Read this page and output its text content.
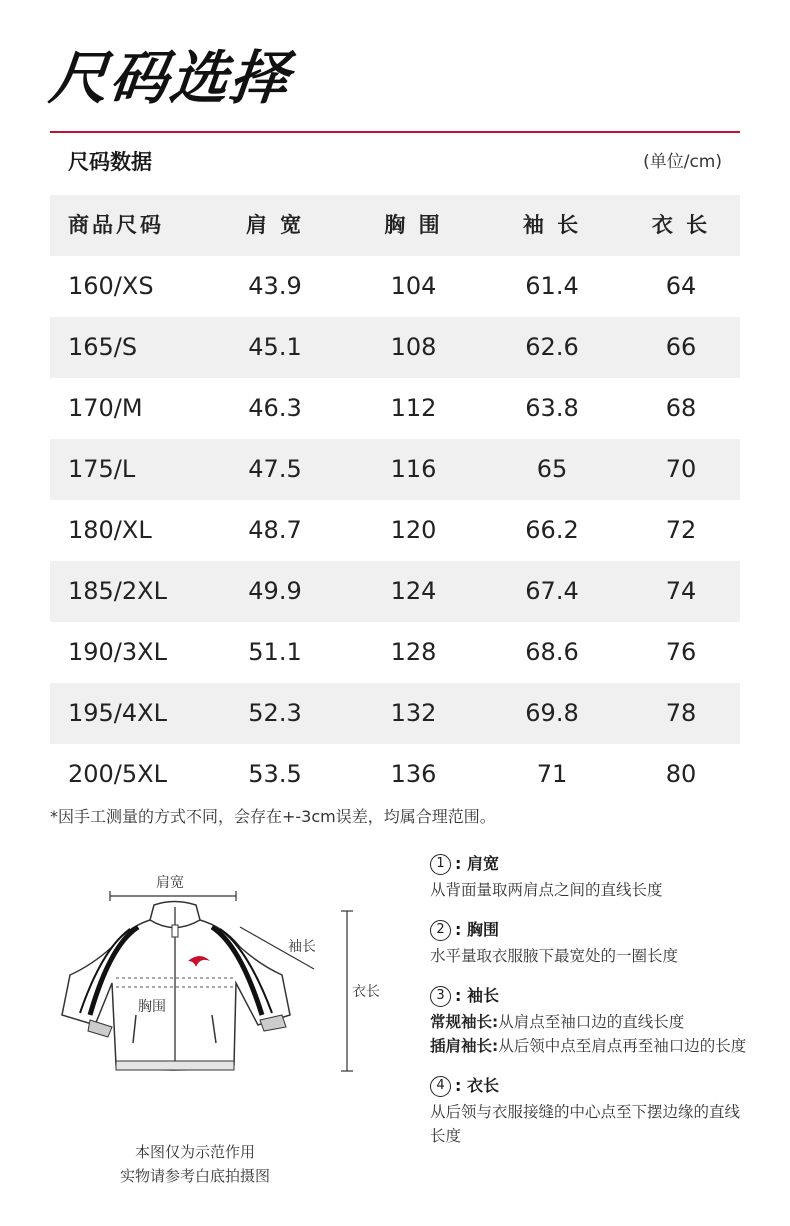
尺码选择
尺码数据	(单位/cm)
商品尺码	肩 宽	胸 围	袖 长	衣 长
160/XS	43.9	104	61.4	64
165/S	45.1	108	62.6	66
170/M	46.3	112	63.8	68
175/L	47.5	116	65	70
180/XL	48.7	120	66.2	72
185/2XL	49.9	124	67.4	74
190/3XL	51.1	128	68.6	76
195/4XL	52.3	132	69.8	78
200/5XL	53.5	136	71	80
*因手工测量的方式不同，会存在+-3cm误差，均属合理范围。
肩宽
胸围
袖长
衣长
本图仅为示范作用
实物请参考白底拍摄图
1 : 肩宽
从背面量取两肩点之间的直线长度
2 : 胸围
水平量取衣服腋下最宽处的一圈长度
3 : 袖长
常规袖长: 从肩点至袖口边的直线长度
插肩袖长: 从后领中点至肩点再至袖口边的长度
4 : 衣长
从后领与衣服接缝的中心点至下摆边缘的直线长度
